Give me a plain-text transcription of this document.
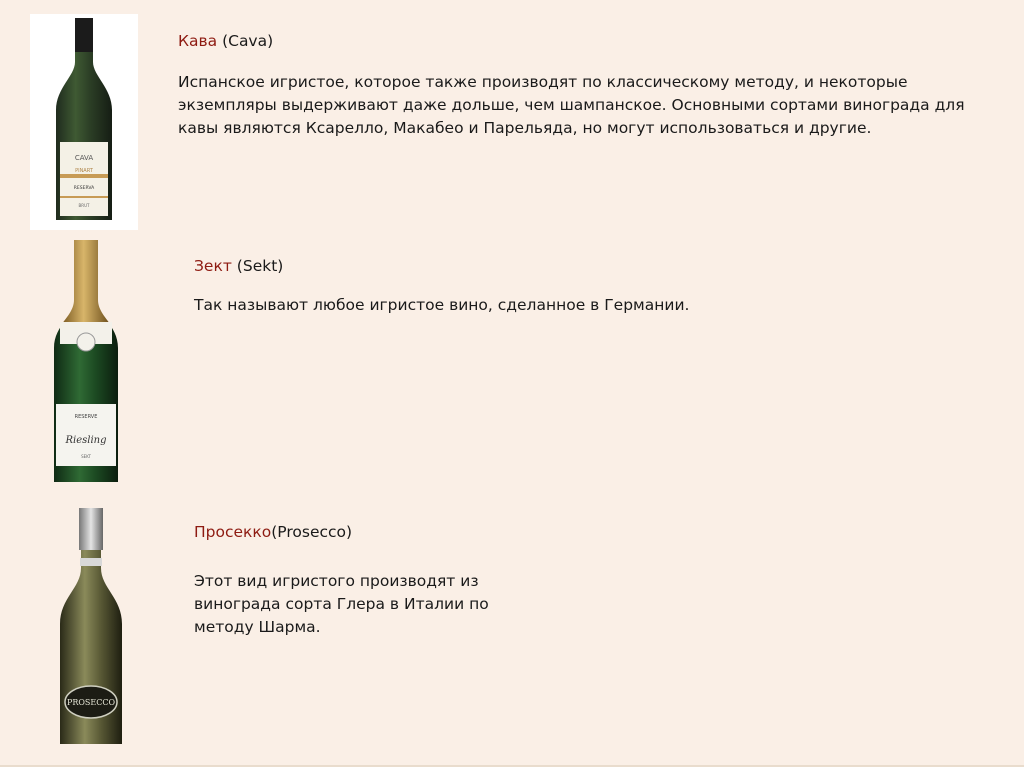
CAVA
PINART
RESERVA
BRUT
Кава (Cava)
Испанское игристое, которое также производят по классическому методу, и некоторые экземпляры выдерживают даже дольше, чем шампанское. Основными сортами винограда для кавы являются Ксарелло, Макабео и Парельяда, но могут использоваться и другие.
RESERVE
Riesling
SEKT
Зект (Sekt)
Так называют любое игристое вино, сделанное в Германии.
PROSECCO
Просекко(Prosecco)
Этот вид игристого производят из винограда сорта Глера в Италии по методу Шарма.
